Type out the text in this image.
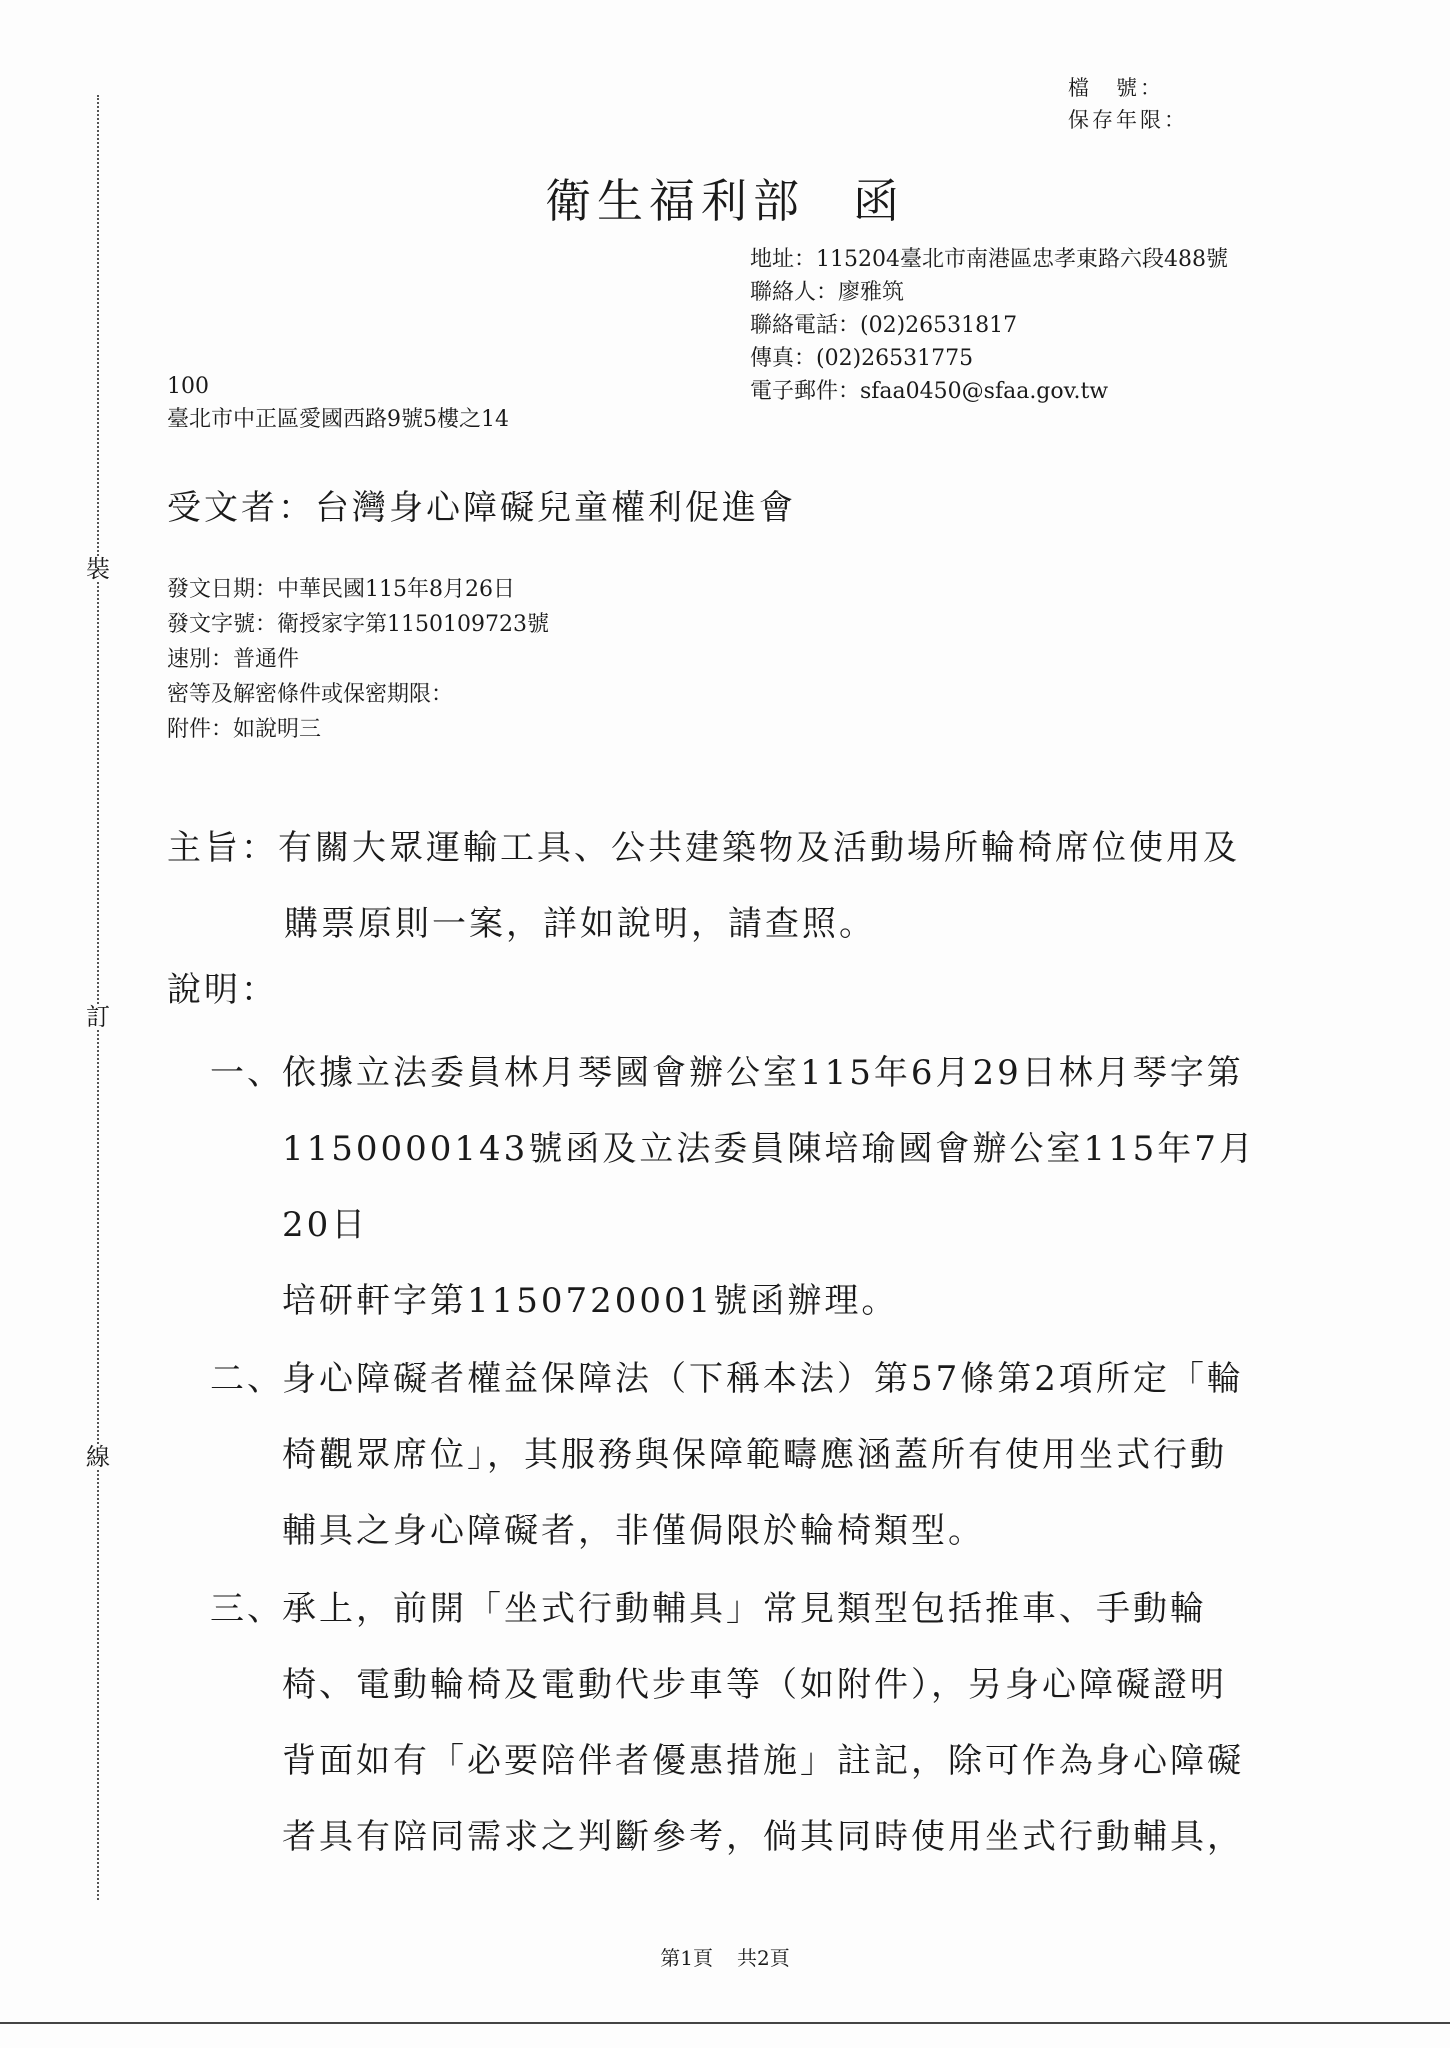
裝
訂
線
檔　號：
保存年限：
衛生福利部 函
地址：115204臺北市南港區忠孝東路六段488號
聯絡人：廖雅筑
聯絡電話：(02)26531817
傳真：(02)26531775
電子郵件：sfaa0450@sfaa.gov.tw
100
臺北市中正區愛國西路9號5樓之14
受文者：台灣身心障礙兒童權利促進會
發文日期：中華民國115年8月26日
發文字號：衛授家字第1150109723號
速別：普通件
密等及解密條件或保密期限：
附件：如說明三
主旨：有關大眾運輸工具、公共建築物及活動場所輪椅席位使用及
購票原則一案，詳如說明，請查照。
說明：
一、
依據立法委員林月琴國會辦公室115年6月29日林月琴字第
1150000143號函及立法委員陳培瑜國會辦公室115年7月20日
培研軒字第1150720001號函辦理。
二、
身心障礙者權益保障法（下稱本法）第57條第2項所定「輪
椅觀眾席位」，其服務與保障範疇應涵蓋所有使用坐式行動
輔具之身心障礙者，非僅侷限於輪椅類型。
三、
承上，前開「坐式行動輔具」常見類型包括推車、手動輪
椅、電動輪椅及電動代步車等（如附件），另身心障礙證明
背面如有「必要陪伴者優惠措施」註記，除可作為身心障礙
者具有陪同需求之判斷參考，倘其同時使用坐式行動輔具，
第1頁 共2頁
